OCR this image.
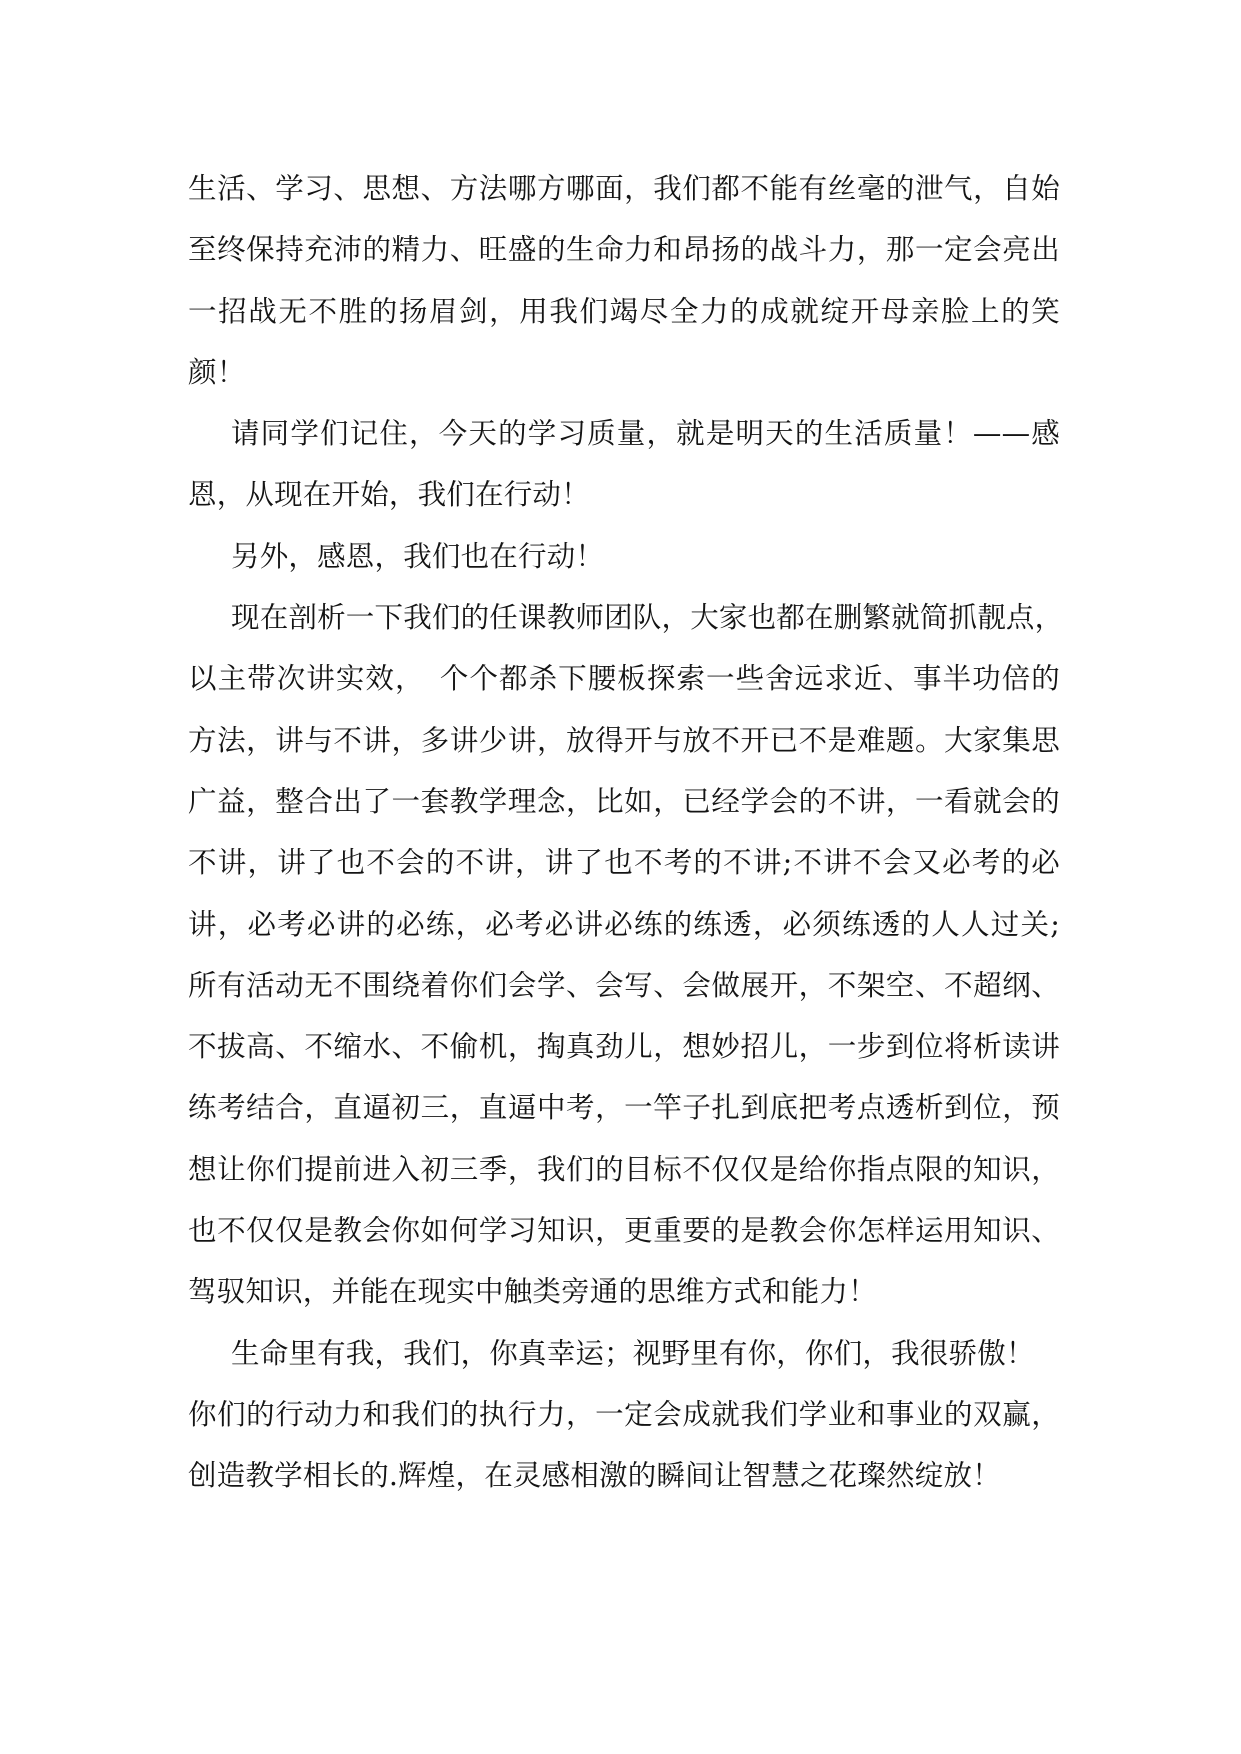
生活、学习、思想、方法哪方哪面，我们都不能有丝毫的泄气，自始
至终保持充沛的精力、旺盛的生命力和昂扬的战斗力，那一定会亮出
一招战无不胜的扬眉剑，用我们竭尽全力的成就绽开母亲脸上的笑
颜！
请同学们记住，今天的学习质量，就是明天的生活质量！——感
恩，从现在开始，我们在行动！
另外，感恩，我们也在行动！
现在剖析一下我们的任课教师团队，大家也都在删繁就简抓靓点，
以主带次讲实效，　个个都杀下腰板探索一些舍远求近、事半功倍的
方法，讲与不讲，多讲少讲，放得开与放不开已不是难题。大家集思
广益，整合出了一套教学理念，比如，已经学会的不讲，一看就会的
不讲，讲了也不会的不讲，讲了也不考的不讲;不讲不会又必考的必
讲，必考必讲的必练，必考必讲必练的练透，必须练透的人人过关;
所有活动无不围绕着你们会学、会写、会做展开，不架空、不超纲、
不拔高、不缩水、不偷机，掏真劲儿，想妙招儿，一步到位将析读讲
练考结合，直逼初三，直逼中考，一竿子扎到底把考点透析到位，预
想让你们提前进入初三季，我们的目标不仅仅是给你指点限的知识，
也不仅仅是教会你如何学习知识，更重要的是教会你怎样运用知识、
驾驭知识，并能在现实中触类旁通的思维方式和能力！
生命里有我，我们，你真幸运；视野里有你，你们，我很骄傲！
你们的行动力和我们的执行力，一定会成就我们学业和事业的双赢，
创造教学相长的.辉煌，在灵感相激的瞬间让智慧之花璨然绽放！
